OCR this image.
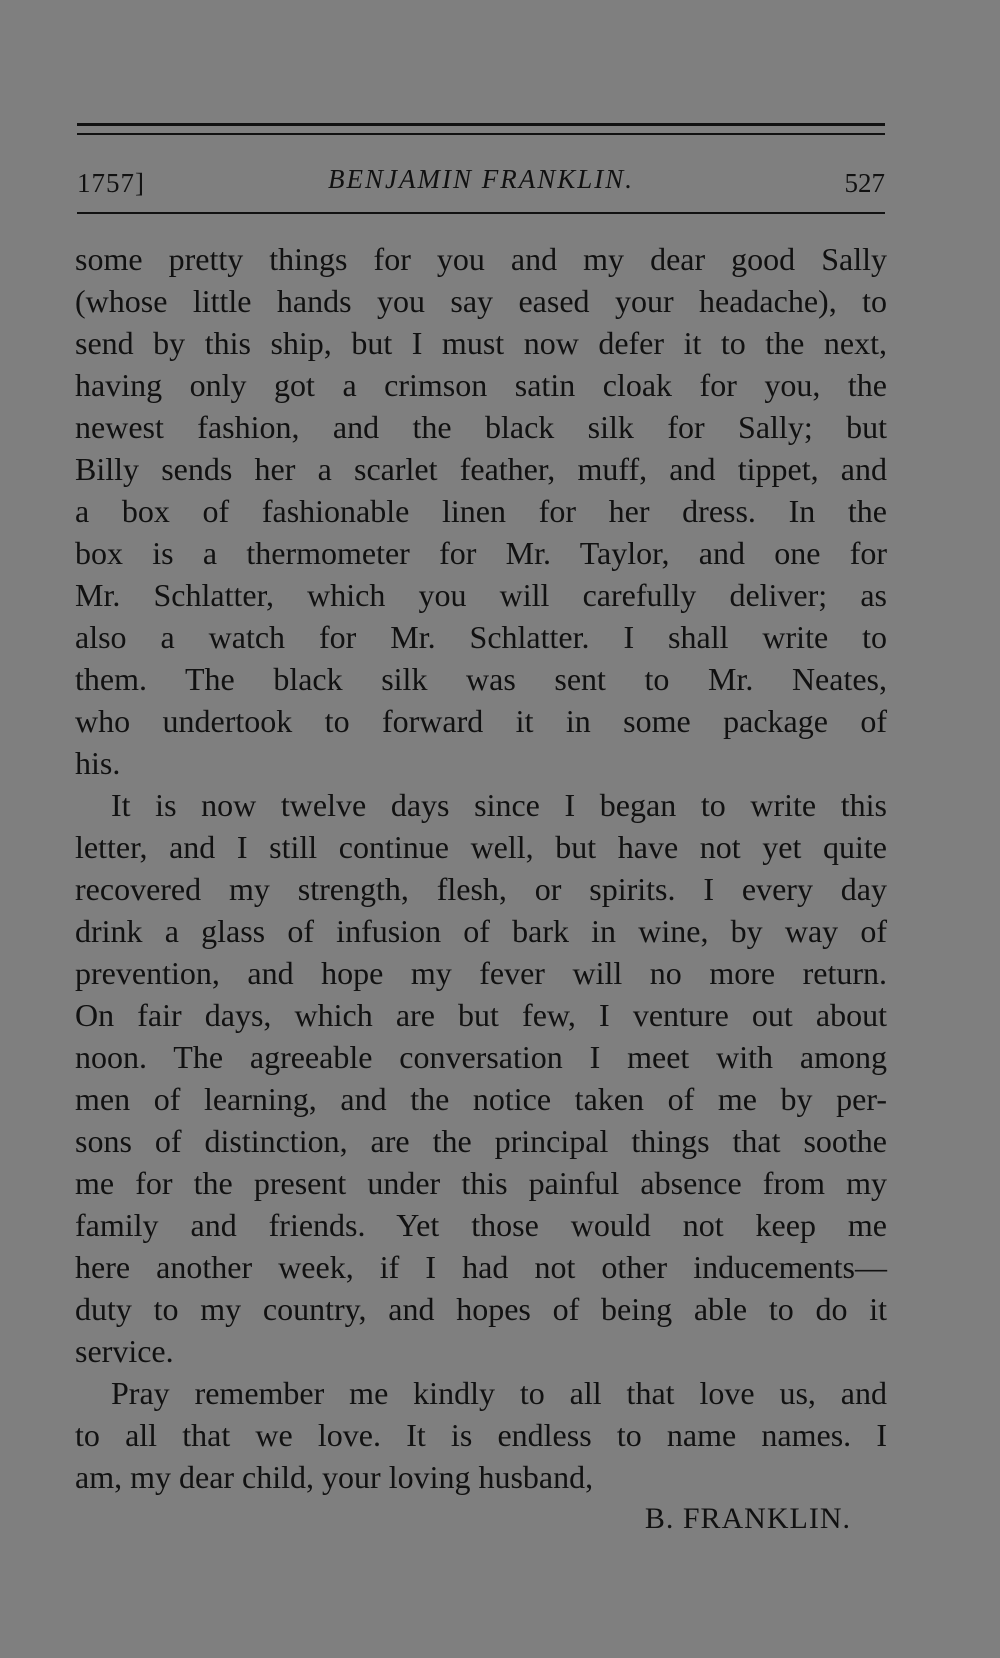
1757]	BENJAMIN FRANKLIN.	527
some pretty things for you and my dear good Sally
(whose little hands you say eased your headache), to
send by this ship, but I must now defer it to the next,
having only got a crimson satin cloak for you, the
newest fashion, and the black silk for Sally; but
Billy sends her a scarlet feather, muff, and tippet, and
a box of fashionable linen for her dress. In the
box is a thermometer for Mr. Taylor, and one for
Mr. Schlatter, which you will carefully deliver; as
also a watch for Mr. Schlatter. I shall write to
them. The black silk was sent to Mr. Neates,
who undertook to forward it in some package of
his.
It is now twelve days since I began to write this
letter, and I still continue well, but have not yet quite
recovered my strength, flesh, or spirits. I every day
drink a glass of infusion of bark in wine, by way of
prevention, and hope my fever will no more return.
On fair days, which are but few, I venture out about
noon. The agreeable conversation I meet with among
men of learning, and the notice taken of me by per-
sons of distinction, are the principal things that soothe
me for the present under this painful absence from my
family and friends. Yet those would not keep me
here another week, if I had not other inducements—
duty to my country, and hopes of being able to do it
service.
Pray remember me kindly to all that love us, and
to all that we love. It is endless to name names. I
am, my dear child, your loving husband,
B. FRANKLIN.
